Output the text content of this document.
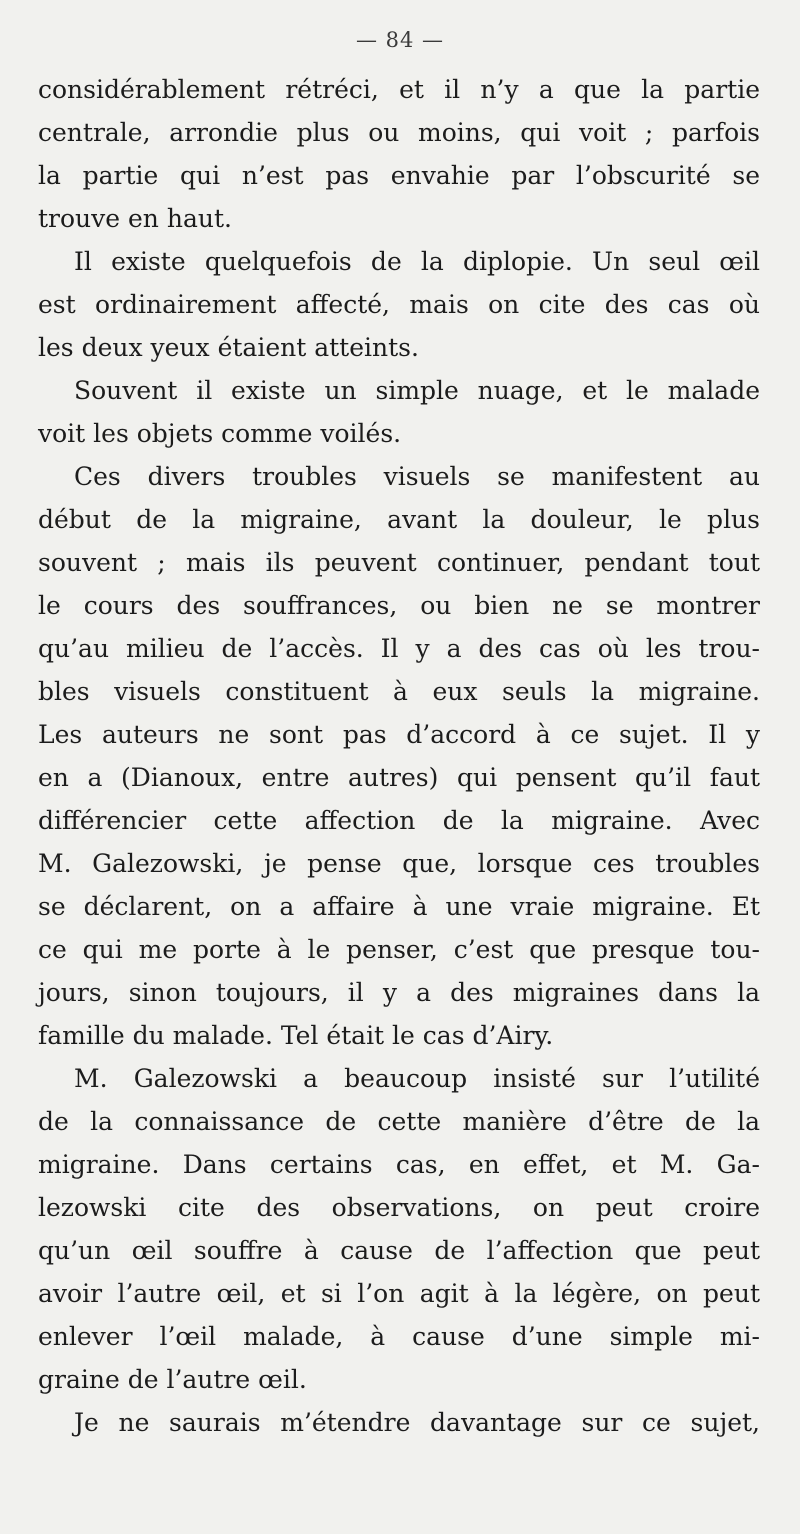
— 84 —
considérablement rétréci, et il n’y a que la partie
centrale, arrondie plus ou moins, qui voit ; parfois
la partie qui n’est pas envahie par l’obscurité se
trouve en haut.
Il existe quelquefois de la diplopie. Un seul œil
est ordinairement affecté, mais on cite des cas où
les deux yeux étaient atteints.
Souvent il existe un simple nuage, et le malade
voit les objets comme voilés.
Ces divers troubles visuels se manifestent au
début de la migraine, avant la douleur, le plus
souvent ; mais ils peuvent continuer, pendant tout
le cours des souffrances, ou bien ne se montrer
qu’au milieu de l’accès. Il y a des cas où les trou-
bles visuels constituent à eux seuls la migraine.
Les auteurs ne sont pas d’accord à ce sujet. Il y
en a (Dianoux, entre autres) qui pensent qu’il faut
différencier cette affection de la migraine. Avec
M. Galezowski, je pense que, lorsque ces troubles
se déclarent, on a affaire à une vraie migraine. Et
ce qui me porte à le penser, c’est que presque tou-
jours, sinon toujours, il y a des migraines dans la
famille du malade. Tel était le cas d’Airy.
M. Galezowski a beaucoup insisté sur l’utilité
de la connaissance de cette manière d’être de la
migraine. Dans certains cas, en effet, et M. Ga-
lezowski cite des observations, on peut croire
qu’un œil souffre à cause de l’affection que peut
avoir l’autre œil, et si l’on agit à la légère, on peut
enlever l’œil malade, à cause d’une simple mi-
graine de l’autre œil.
Je ne saurais m’étendre davantage sur ce sujet,
